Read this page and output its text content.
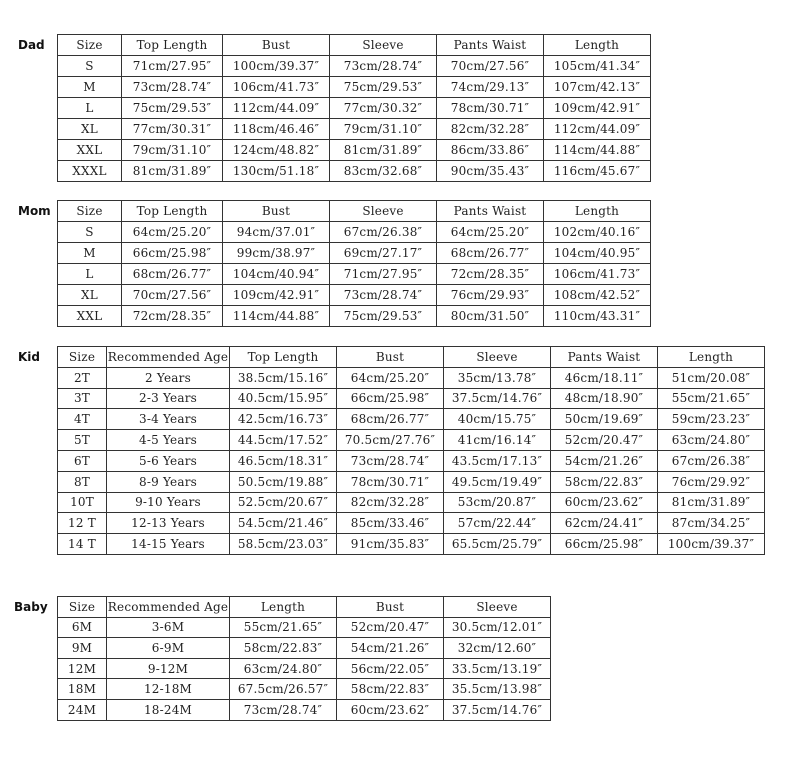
Dad	Size	Top Length	Bust	Sleeve	Pants Waist	Length
S	71cm/27.95″	100cm/39.37″	73cm/28.74″	70cm/27.56″	105cm/41.34″
M	73cm/28.74″	106cm/41.73″	75cm/29.53″	74cm/29.13″	107cm/42.13″
L	75cm/29.53″	112cm/44.09″	77cm/30.32″	78cm/30.71″	109cm/42.91″
XL	77cm/30.31″	118cm/46.46″	79cm/31.10″	82cm/32.28″	112cm/44.09″
XXL	79cm/31.10″	124cm/48.82″	81cm/31.89″	86cm/33.86″	114cm/44.88″
XXXL	81cm/31.89″	130cm/51.18″	83cm/32.68″	90cm/35.43″	116cm/45.67″
Mom Size	Top Length	Bust	Sleeve	Pants Waist	Length
S	64cm/25.20″	94cm/37.01″	67cm/26.38″	64cm/25.20″	102cm/40.16″
M	66cm/25.98″	99cm/38.97″	69cm/27.17″	68cm/26.77″	104cm/40.95″
L	68cm/26.77″	104cm/40.94″	71cm/27.95″	72cm/28.35″	106cm/41.73″
XL	70cm/27.56″	109cm/42.91″	73cm/28.74″	76cm/29.93″	108cm/42.52″
XXL	72cm/28.35″	114cm/44.88″	75cm/29.53″	80cm/31.50″	110cm/43.31″
Kid Size	Recommended Age	Top Length	Bust	Sleeve	Pants Waist	Length
2T	2 Years	38.5cm/15.16″	64cm/25.20″	35cm/13.78″	46cm/18.11″	51cm/20.08″
3T	2-3 Years	40.5cm/15.95″	66cm/25.98″	37.5cm/14.76″	48cm/18.90″	55cm/21.65″
4T	3-4 Years	42.5cm/16.73″	68cm/26.77″	40cm/15.75″	50cm/19.69″	59cm/23.23″
5T	4-5 Years	44.5cm/17.52″	70.5cm/27.76″	41cm/16.14″	52cm/20.47″	63cm/24.80″
6T	5-6 Years	46.5cm/18.31″	73cm/28.74″	43.5cm/17.13″	54cm/21.26″	67cm/26.38″
8T	8-9 Years	50.5cm/19.88″	78cm/30.71″	49.5cm/19.49″	58cm/22.83″	76cm/29.92″
10T	9-10 Years	52.5cm/20.67″	82cm/32.28″	53cm/20.87″	60cm/23.62″	81cm/31.89″
12 T	12-13 Years	54.5cm/21.46″	85cm/33.46″	57cm/22.44″	62cm/24.41″	87cm/34.25″
14 T	14-15 Years	58.5cm/23.03″	91cm/35.83″	65.5cm/25.79″	66cm/25.98″	100cm/39.37″
Baby Size	Recommended Age	Length	Bust	Sleeve
6M	3-6M	55cm/21.65″	52cm/20.47″	30.5cm/12.01″
9M	6-9M	58cm/22.83″	54cm/21.26″	32cm/12.60″
12M	9-12M	63cm/24.80″	56cm/22.05″	33.5cm/13.19″
18M	12-18M	67.5cm/26.57″	58cm/22.83″	35.5cm/13.98″
24M	18-24M	73cm/28.74″	60cm/23.62″	37.5cm/14.76″
